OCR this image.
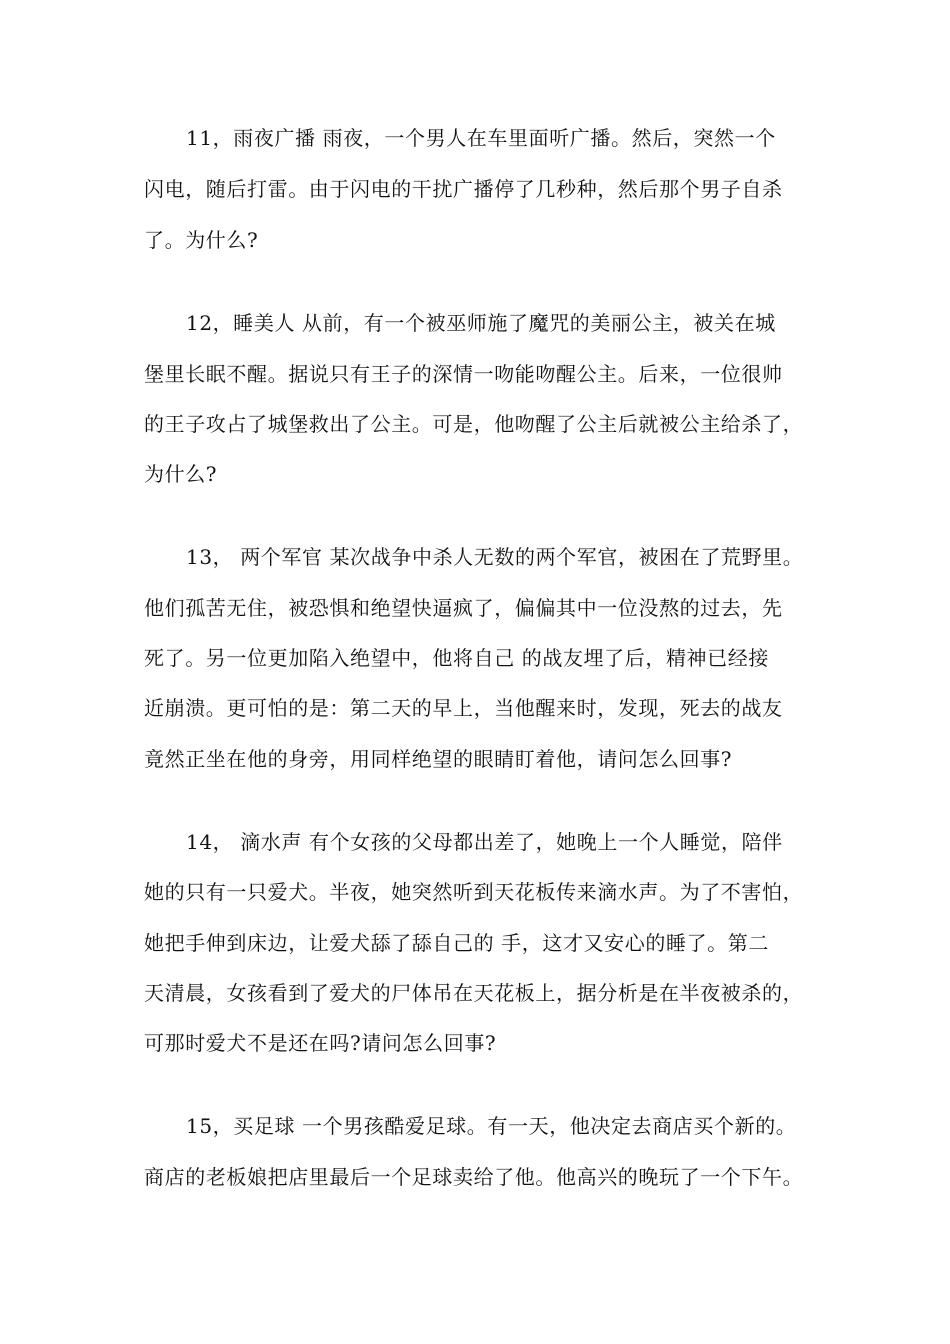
11，雨夜广播 雨夜，一个男人在车里面听广播。然后，突然一个
闪电，随后打雷。由于闪电的干扰广播停了几秒种，然后那个男子自杀
了。为什么?
12，睡美人 从前，有一个被巫师施了魔咒的美丽公主，被关在城
堡里长眠不醒。据说只有王子的深情一吻能吻醒公主。后来，一位很帅
的王子攻占了城堡救出了公主。可是，他吻醒了公主后就被公主给杀了，
为什么?
13， 两个军官 某次战争中杀人无数的两个军官，被困在了荒野里。
他们孤苦无住，被恐惧和绝望快逼疯了，偏偏其中一位没熬的过去，先
死了。另一位更加陷入绝望中，他将自己 的战友埋了后，精神已经接
近崩溃。更可怕的是：第二天的早上，当他醒来时，发现，死去的战友
竟然正坐在他的身旁，用同样绝望的眼睛盯着他，请问怎么回事?
14， 滴水声 有个女孩的父母都出差了，她晚上一个人睡觉，陪伴
她的只有一只爱犬。半夜，她突然听到天花板传来滴水声。为了不害怕，
她把手伸到床边，让爱犬舔了舔自己的 手，这才又安心的睡了。第二
天清晨，女孩看到了爱犬的尸体吊在天花板上，据分析是在半夜被杀的，
可那时爱犬不是还在吗?请问怎么回事?
15，买足球 一个男孩酷爱足球。有一天，他决定去商店买个新的。
商店的老板娘把店里最后一个足球卖给了他。他高兴的晚玩了一个下午。
